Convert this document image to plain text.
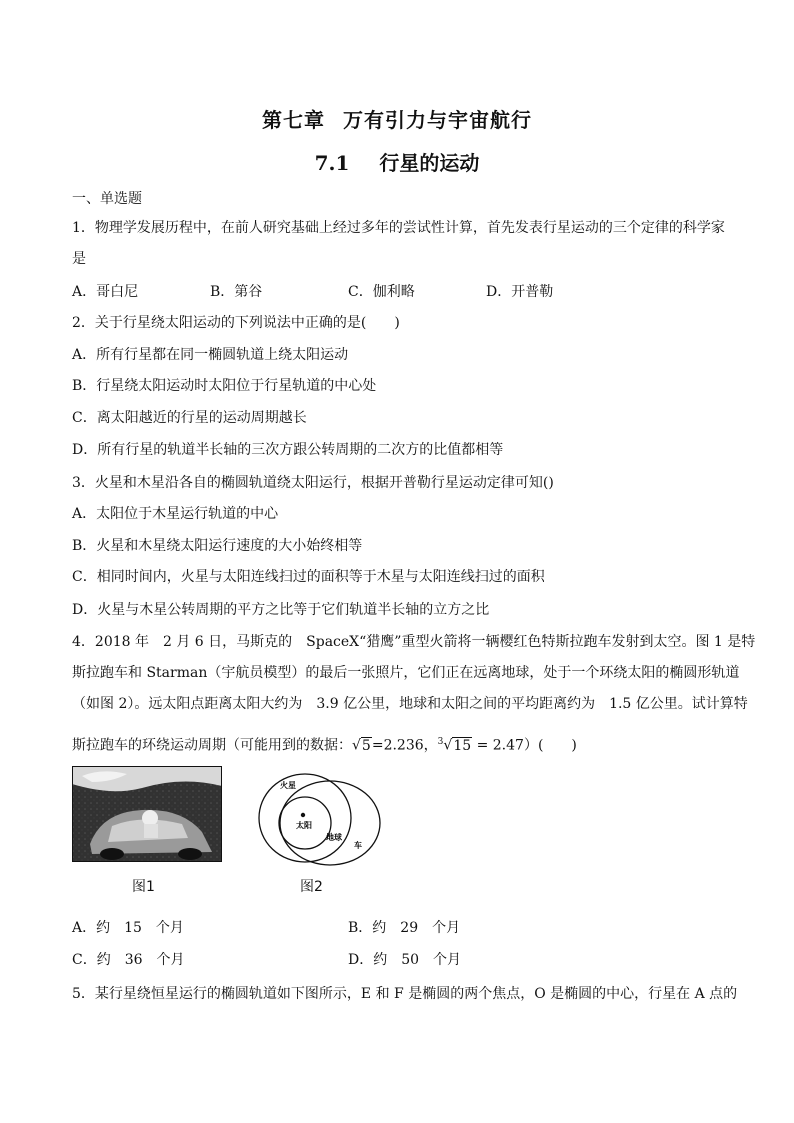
第七章 万有引力与宇宙航行
7.1 行星的运动
一、单选题
1．物理学发展历程中，在前人研究基础上经过多年的尝试性计算，首先发表行星运动的三个定律的科学家
是
A．哥白尼	B．第谷	C．伽利略	D．开普勒
2．关于行星绕太阳运动的下列说法中正确的是(　　)
A．所有行星都在同一椭圆轨道上绕太阳运动
B．行星绕太阳运动时太阳位于行星轨道的中心处
C．离太阳越近的行星的运动周期越长
D．所有行星的轨道半长轴的三次方跟公转周期的二次方的比值都相等
3．火星和木星沿各自的椭圆轨道绕太阳运行，根据开普勒行星运动定律可知()
A．太阳位于木星运行轨道的中心
B．火星和木星绕太阳运行速度的大小始终相等
C．相同时间内，火星与太阳连线扫过的面积等于木星与太阳连线扫过的面积
D．火星与木星公转周期的平方之比等于它们轨道半长轴的立方之比
4．2018 年　2 月 6 日，马斯克的　SpaceX“猎鹰”重型火箭将一辆樱红色特斯拉跑车发射到太空。图 1 是特
斯拉跑车和 Starman（宇航员模型）的最后一张照片，它们正在远离地球，处于一个环绕太阳的椭圆形轨道
（如图 2）。远太阳点距离太阳大约为　3.9 亿公里，地球和太阳之间的平均距离约为　1.5 亿公里。试计算特
斯拉跑车的环绕运动周期（可能用到的数据：√5=2.236，$^3$√15 = 2.47）(　　)
图1
火星
太阳
地球
车
图2
A．约　15　个月	B．约　29　个月
C．约　36　个月	D．约　50　个月
5．某行星绕恒星运行的椭圆轨道如下图所示，E 和 F 是椭圆的两个焦点，O 是椭圆的中心，行星在 A 点的
